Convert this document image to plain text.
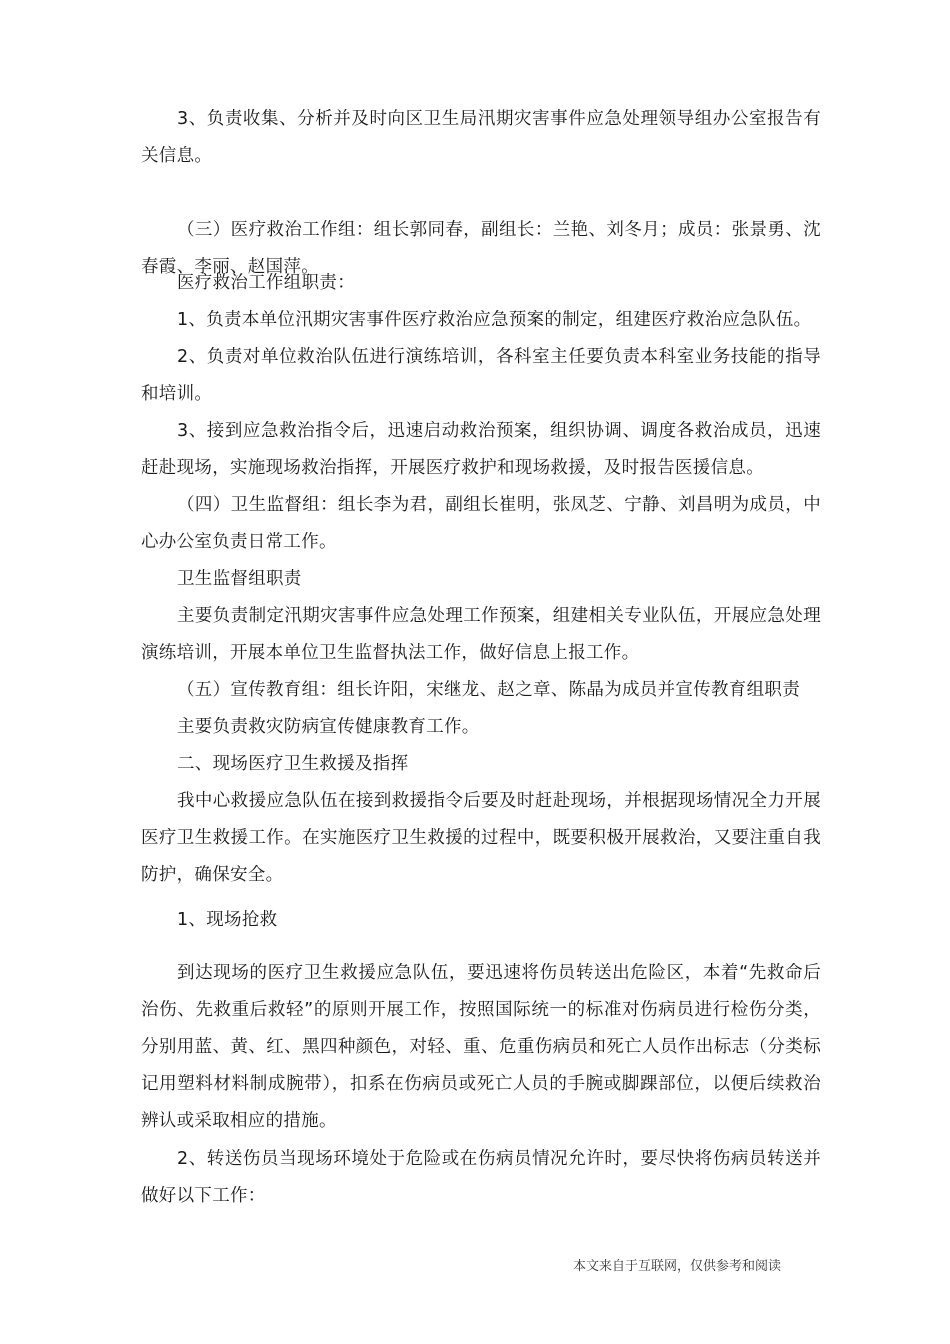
3、负责收集、分析并及时向区卫生局汛期灾害事件应急处理领导组办公室报告有关信息。

（三）医疗救治工作组：组长郭同春，副组长：兰艳、刘冬月；成员：张景勇、沈春霞、李丽、赵国萍。

医疗救治工作组职责：

1、负责本单位汛期灾害事件医疗救治应急预案的制定，组建医疗救治应急队伍。

2、负责对单位救治队伍进行演练培训，各科室主任要负责本科室业务技能的指导和培训。

3、接到应急救治指令后，迅速启动救治预案，组织协调、调度各救治成员，迅速赶赴现场，实施现场救治指挥，开展医疗救护和现场救援，及时报告医援信息。

（四）卫生监督组：组长李为君，副组长崔明，张凤芝、宁静、刘昌明为成员，中心办公室负责日常工作。

卫生监督组职责

主要负责制定汛期灾害事件应急处理工作预案，组建相关专业队伍，开展应急处理演练培训，开展本单位卫生监督执法工作，做好信息上报工作。

（五）宣传教育组：组长许阳，宋继龙、赵之章、陈晶为成员并宣传教育组职责

主要负责救灾防病宣传健康教育工作。

二、现场医疗卫生救援及指挥

我中心救援应急队伍在接到救援指令后要及时赶赴现场，并根据现场情况全力开展医疗卫生救援工作。在实施医疗卫生救援的过程中，既要积极开展救治，又要注重自我防护，确保安全。

1、现场抢救

到达现场的医疗卫生救援应急队伍，要迅速将伤员转送出危险区，本着“先救命后治伤、先救重后救轻”的原则开展工作，按照国际统一的标准对伤病员进行检伤分类，分别用蓝、黄、红、黑四种颜色，对轻、重、危重伤病员和死亡人员作出标志（分类标记用塑料材料制成腕带），扣系在伤病员或死亡人员的手腕或脚踝部位，以便后续救治辨认或采取相应的措施。

2、转送伤员当现场环境处于危险或在伤病员情况允许时，要尽快将伤病员转送并做好以下工作：

本文来自于互联网，仅供参考和阅读
